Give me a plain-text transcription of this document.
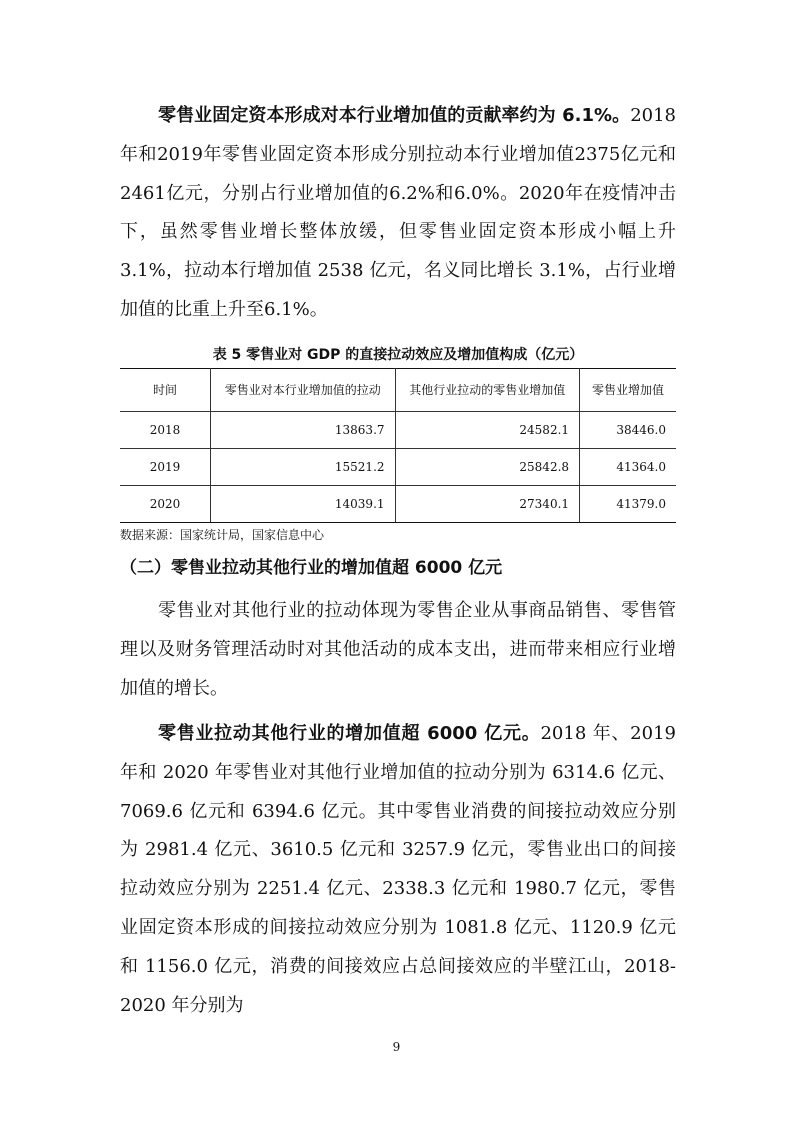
零售业固定资本形成对本行业增加值的贡献率约为 6.1%。2018年和2019年零售业固定资本形成分别拉动本行业增加值2375亿元和2461亿元，分别占行业增加值的6.2%和6.0%。2020年在疫情冲击下，虽然零售业增长整体放缓，但零售业固定资本形成小幅上升 3.1%，拉动本行增加值 2538 亿元，名义同比增长 3.1%，占行业增加值的比重上升至6.1%。

表 5 零售业对 GDP 的直接拉动效应及增加值构成（亿元）
时间	零售业对本行业增加值的拉动	其他行业拉动的零售业增加值	零售业增加值
2018	13863.7	24582.1	38446.0
2019	15521.2	25842.8	41364.0
2020	14039.1	27340.1	41379.0
数据来源：国家统计局，国家信息中心
（二）零售业拉动其他行业的增加值超 6000 亿元

零售业对其他行业的拉动体现为零售企业从事商品销售、零售管理以及财务管理活动时对其他活动的成本支出，进而带来相应行业增加值的增长。

零售业拉动其他行业的增加值超 6000 亿元。2018 年、2019 年和 2020 年零售业对其他行业增加值的拉动分别为 6314.6 亿元、7069.6 亿元和 6394.6 亿元。其中零售业消费的间接拉动效应分别为 2981.4 亿元、3610.5 亿元和 3257.9 亿元，零售业出口的间接拉动效应分别为 2251.4 亿元、2338.3 亿元和 1980.7 亿元，零售业固定资本形成的间接拉动效应分别为 1081.8 亿元、1120.9 亿元和 1156.0 亿元，消费的间接效应占总间接效应的半壁江山，2018-2020 年分别为

9
